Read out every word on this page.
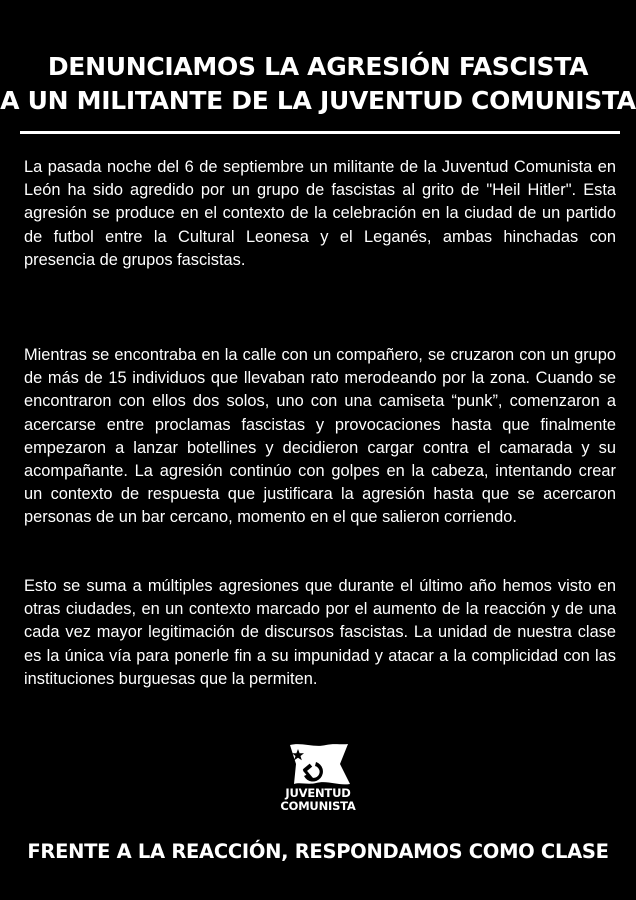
DENUNCIAMOS LA AGRESIÓN FASCISTA
A UN MILITANTE DE LA JUVENTUD COMUNISTA

La pasada noche del 6 de septiembre un militante de la Juventud Comunista en León ha sido agredido por un grupo de fascistas al grito de "Heil Hitler". Esta agresión se produce en el contexto de la celebración en la ciudad de un partido de futbol entre la Cultural Leonesa y el Leganés, ambas hinchadas con presencia de grupos fascistas.

Mientras se encontraba en la calle con un compañero, se cruzaron con un grupo de más de 15 individuos que llevaban rato merodeando por la zona. Cuando se encontraron con ellos dos solos, uno con una camiseta “punk”, comenzaron a acercarse entre proclamas fascistas y provocaciones hasta que finalmente empezaron a lanzar botellines y decidieron cargar contra el camarada y su acompañante. La agresión continúo con golpes en la cabeza, intentando crear un contexto de respuesta que justificara la agresión hasta que se acercaron personas de un bar cercano, momento en el que salieron corriendo.

Esto se suma a múltiples agresiones que durante el último año hemos visto en otras ciudades, en un contexto marcado por el aumento de la reacción y de una cada vez mayor legitimación de discursos fascistas. La unidad de nuestra clase es la única vía para ponerle fin a su impunidad y atacar a la complicidad con las instituciones burguesas que la permiten.

JUVENTUD
COMUNISTA

FRENTE A LA REACCIÓN, RESPONDAMOS COMO CLASE
